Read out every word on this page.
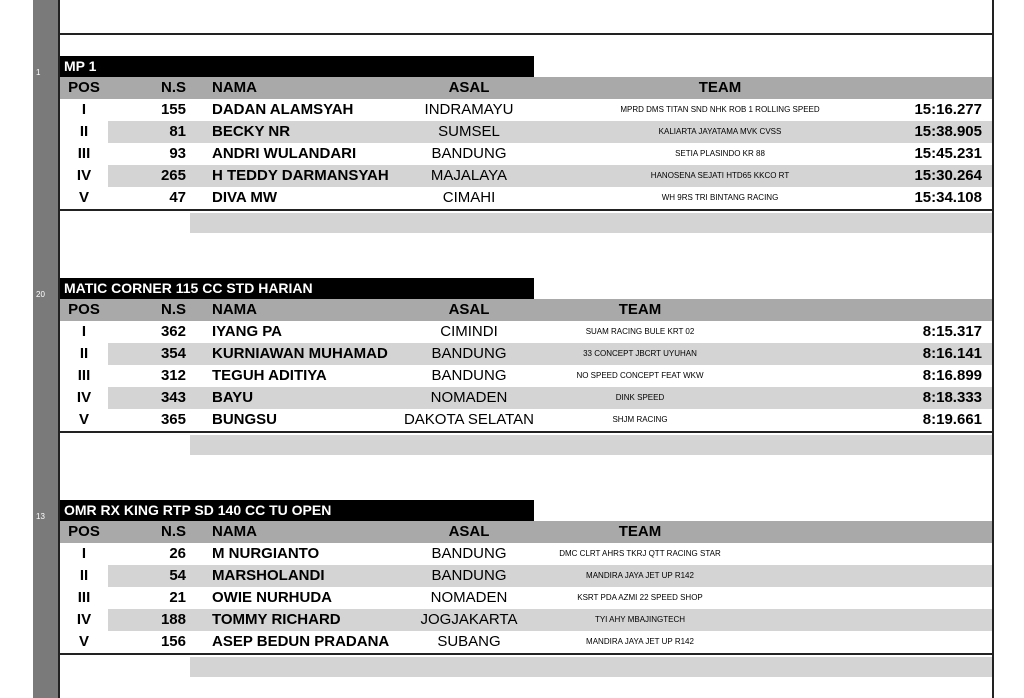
1	MP 1
POS	N.S NAMA	ASAL	TEAM
I	155 DADAN ALAMSYAH	INDRAMAYU	MPRD DMS TITAN SND NHK ROB 1 ROLLING SPEED	15:16.277
II	81 BECKY NR	SUMSEL	KALIARTA JAYATAMA MVK CVSS	15:38.905
III	93 ANDRI WULANDARI	BANDUNG	SETIA PLASINDO KR 88	15:45.231
IV	265 H TEDDY DARMANSYAH	MAJALAYA	HANOSENA SEJATI HTD65 KKCO RT	15:30.264
V	47 DIVA MW	CIMAHI	WH 9RS TRI BINTANG RACING	15:34.108
20	MATIC CORNER 115 CC STD HARIAN
POS	N.S NAMA	ASAL	TEAM
I	362 IYANG PA	CIMINDI	SUAM RACING BULE KRT 02	8:15.317
II	354 KURNIAWAN MUHAMAD	BANDUNG	33 CONCEPT JBCRT UYUHAN	8:16.141
III	312 TEGUH ADITIYA	BANDUNG	NO SPEED CONCEPT FEAT WKW	8:16.899
IV	343 BAYU	NOMADEN	DINK SPEED	8:18.333
V	365 BUNGSU	DAKOTA SELATAN	SHJM RACING	8:19.661
13	OMR RX KING RTP SD 140 CC TU OPEN
POS	N.S NAMA	ASAL	TEAM
I	26 M NURGIANTO	BANDUNG	DMC CLRT AHRS TKRJ QTT RACING STAR
II	54 MARSHOLANDI	BANDUNG	MANDIRA JAYA JET UP R142
III	21 OWIE NURHUDA	NOMADEN	KSRT PDA AZMI 22 SPEED SHOP
IV	188 TOMMY RICHARD	JOGJAKARTA	TYI AHY MBAJINGTECH
V	156 ASEP BEDUN PRADANA	SUBANG	MANDIRA JAYA JET UP R142
